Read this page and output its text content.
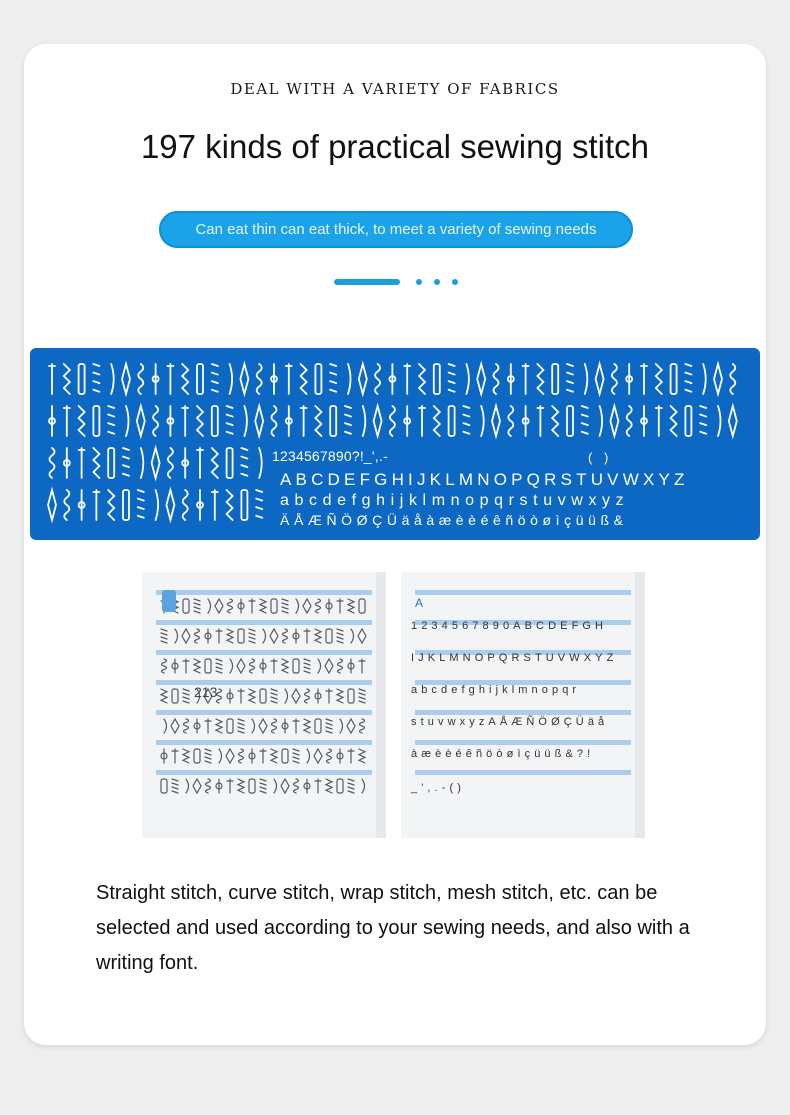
DEAL WITH A VARIETY OF FABRICS
197 kinds of practical sewing stitch
Can eat thin can eat thick, to meet a variety of sewing needs
1234567890?!_',.-	( )
ABCDEFGHIJKLMNOPQRSTUVWXYZ
abcdefghijklmnopqrstuvwxyz
ÄÅÆÑÖØÇÜäåàæèèéêñöòøìçüüß&
213
A
1234567890ABCDEFGH
IJKLMNOPQRSTUVWXYZ
abcdefghijklmnopqr
stuvwxyzAÅÆÑÖØÇÜäå
àæèèéêñöòøìçüüß&?!
_',.-()
Straight stitch, curve stitch, wrap stitch, mesh stitch, etc. can be selected and used according to your sewing needs, and also with a writing font.
